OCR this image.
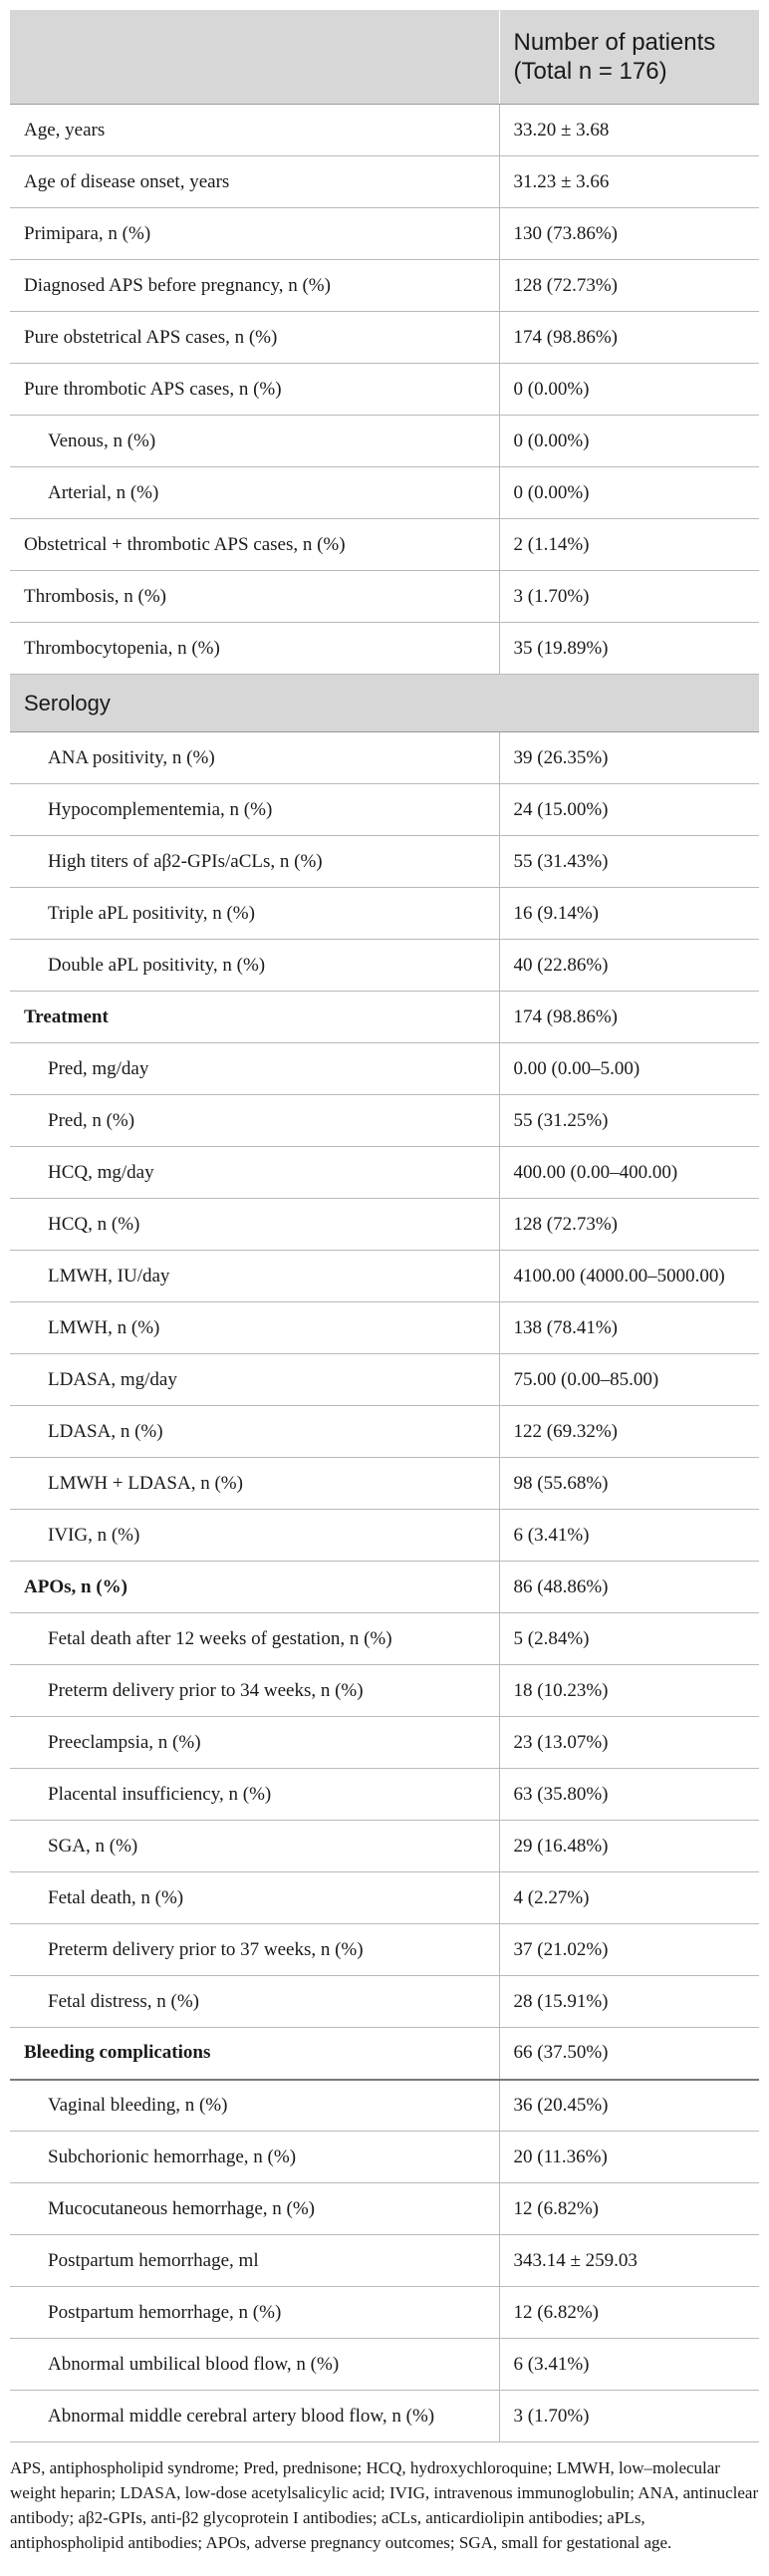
	Number of patients
(Total n = 176)

Age, years	33.20 ± 3.68
Age of disease onset, years	31.23 ± 3.66
Primipara, n (%)	130 (73.86%)
Diagnosed APS before pregnancy, n (%)	128 (72.73%)
Pure obstetrical APS cases, n (%)	174 (98.86%)
Pure thrombotic APS cases, n (%)	0 (0.00%)
Venous, n (%)	0 (0.00%)
Arterial, n (%)	0 (0.00%)
Obstetrical + thrombotic APS cases, n (%)	2 (1.14%)
Thrombosis, n (%)	3 (1.70%)
Thrombocytopenia, n (%)	35 (19.89%)
Serology	
ANA positivity, n (%)	39 (26.35%)
Hypocomplementemia, n (%)	24 (15.00%)
High titers of aβ2-GPIs/aCLs, n (%)	55 (31.43%)
Triple aPL positivity, n (%)	16 (9.14%)
Double aPL positivity, n (%)	40 (22.86%)
Treatment	174 (98.86%)
Pred, mg/day	0.00 (0.00–5.00)
Pred, n (%)	55 (31.25%)
HCQ, mg/day	400.00 (0.00–400.00)
HCQ, n (%)	128 (72.73%)
LMWH, IU/day	4100.00 (4000.00–5000.00)
LMWH, n (%)	138 (78.41%)
LDASA, mg/day	75.00 (0.00–85.00)
LDASA, n (%)	122 (69.32%)
LMWH + LDASA, n (%)	98 (55.68%)
IVIG, n (%)	6 (3.41%)
APOs, n (%)	86 (48.86%)
Fetal death after 12 weeks of gestation, n (%)	5 (2.84%)
Preterm delivery prior to 34 weeks, n (%)	18 (10.23%)
Preeclampsia, n (%)	23 (13.07%)
Placental insufficiency, n (%)	63 (35.80%)
SGA, n (%)	29 (16.48%)
Fetal death, n (%)	4 (2.27%)
Preterm delivery prior to 37 weeks, n (%)	37 (21.02%)
Fetal distress, n (%)	28 (15.91%)
Bleeding complications	66 (37.50%)
Vaginal bleeding, n (%)	36 (20.45%)
Subchorionic hemorrhage, n (%)	20 (11.36%)
Mucocutaneous hemorrhage, n (%)	12 (6.82%)
Postpartum hemorrhage, ml	343.14 ± 259.03
Postpartum hemorrhage, n (%)	12 (6.82%)
Abnormal umbilical blood flow, n (%)	6 (3.41%)
Abnormal middle cerebral artery blood flow, n (%)	3 (1.70%)
APS, antiphospholipid syndrome; Pred, prednisone; HCQ, hydroxychloroquine; LMWH, low–molecular weight heparin; LDASA, low-dose acetylsalicylic acid; IVIG, intravenous immunoglobulin; ANA, antinuclear antibody; aβ2-GPIs, anti-β2 glycoprotein I antibodies; aCLs, anticardiolipin antibodies; aPLs, antiphospholipid antibodies; APOs, adverse pregnancy outcomes; SGA, small for gestational age.
